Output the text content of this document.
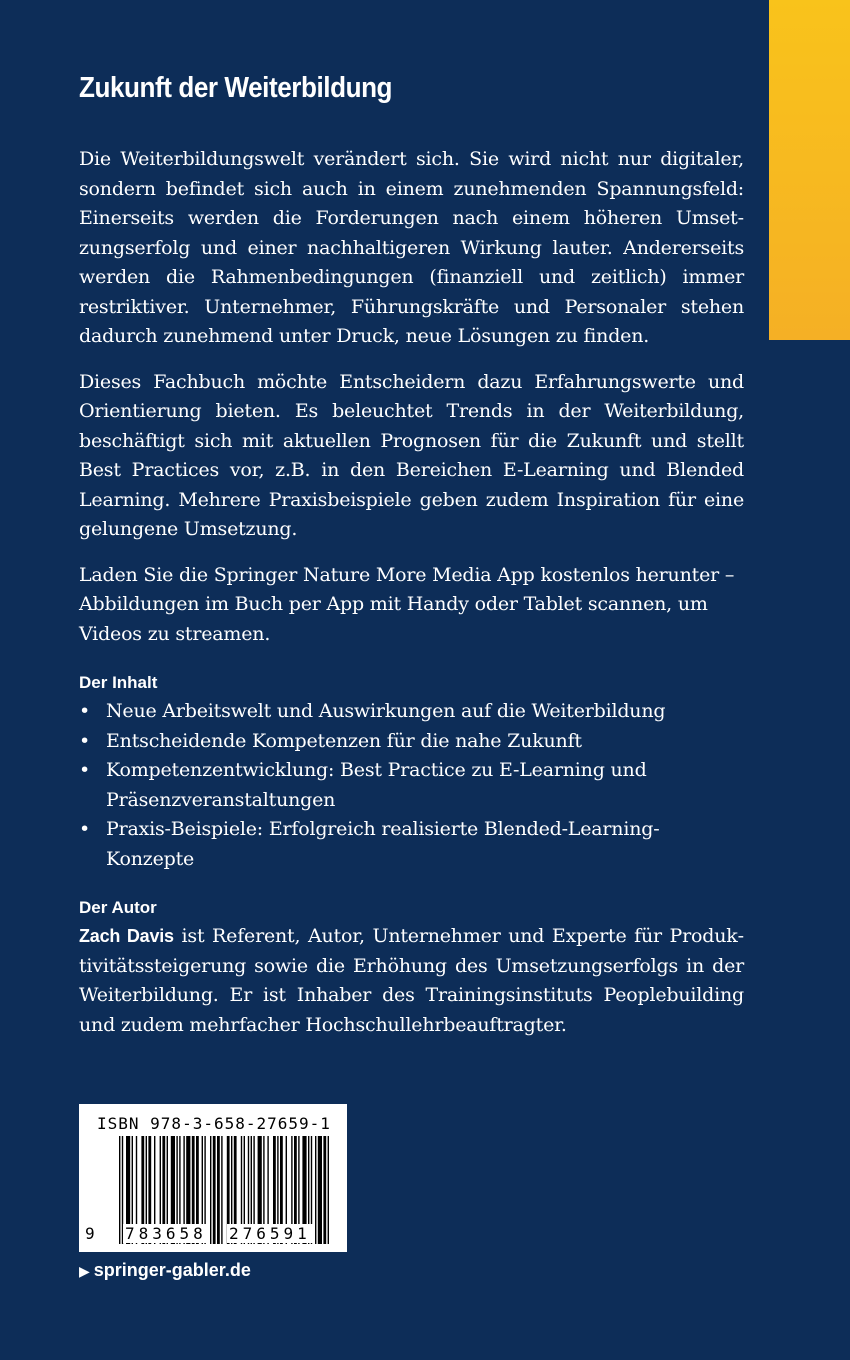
Zukunft der Weiterbildung

Die Weiterbildungswelt verändert sich. Sie wird nicht nur digitaler, sondern befindet sich auch in einem zunehmenden Spannungsfeld: Einerseits werden die Forderungen nach einem höheren Umsetzungserfolg und einer nachhaltigeren Wirkung lauter. Andererseits werden die Rahmenbedingungen (finanziell und zeitlich) immer restriktiver. Unternehmer, Führungskräfte und Personaler stehen dadurch zunehmend unter Druck, neue Lösungen zu finden.

Dieses Fachbuch möchte Entscheidern dazu Erfahrungswerte und Orientierung bieten. Es beleuchtet Trends in der Weiterbildung, beschäftigt sich mit aktuellen Prognosen für die Zukunft und stellt Best Practices vor, z.B. in den Bereichen E-Learning und Blended Learning. Mehrere Praxisbeispiele geben zudem Inspiration für eine gelungene Umsetzung.

Laden Sie die Springer Nature More Media App kostenlos herunter – Abbildungen im Buch per App mit Handy oder Tablet scannen, um Videos zu streamen.

Der Inhalt
• Neue Arbeitswelt und Auswirkungen auf die Weiterbildung
• Entscheidende Kompetenzen für die nahe Zukunft
• Kompetenzentwicklung: Best Practice zu E-Learning und Präsenzveranstaltungen
• Praxis-Beispiele: Erfolgreich realisierte Blended-Learning-Konzepte
Der Autor

Zach Davis ist Referent, Autor, Unternehmer und Experte für Produktivitätssteigerung sowie die Erhöhung des Umsetzungserfolgs in der Weiterbildung. Er ist Inhaber des Trainingsinstituts Peoplebuilding und zudem mehrfacher Hochschullehrbeauftragter.

ISBN 978-3-658-27659-1
9 783658 276591
▶ springer-gabler.de
